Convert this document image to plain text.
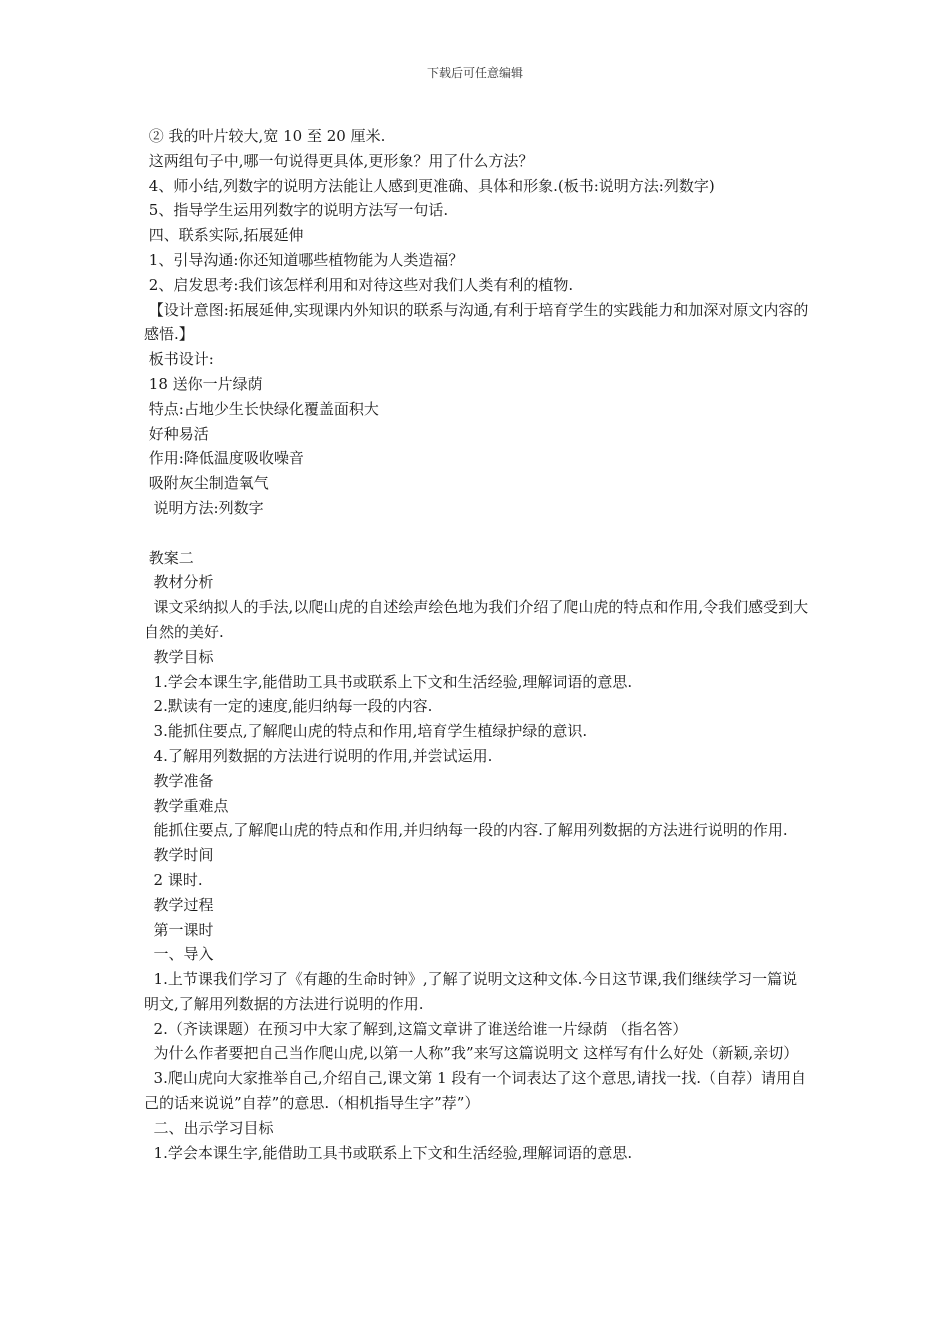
下载后可任意编辑

② 我的叶片较大,宽 10 至 20 厘米.

这两组句子中,哪一句说得更具体,更形象？用了什么方法？

4、师小结,列数字的说明方法能让人感到更准确、具体和形象.(板书:说明方法:列数字)

5、指导学生运用列数字的说明方法写一句话.

四、联系实际,拓展延伸

1、引导沟通:你还知道哪些植物能为人类造福？

2、启发思考:我们该怎样利用和对待这些对我们人类有利的植物.

【设计意图:拓展延伸,实现课内外知识的联系与沟通,有利于培育学生的实践能力和加深对原文内容的感悟.】

板书设计:

18 送你一片绿荫

特点:占地少生长快绿化覆盖面积大

好种易活

作用:降低温度吸收噪音

吸附灰尘制造氧气

说明方法:列数字

教案二

教材分析

课文采纳拟人的手法,以爬山虎的自述绘声绘色地为我们介绍了爬山虎的特点和作用,令我们感受到大自然的美好.

教学目标

1.学会本课生字,能借助工具书或联系上下文和生活经验,理解词语的意思.

2.默读有一定的速度,能归纳每一段的内容.

3.能抓住要点,了解爬山虎的特点和作用,培育学生植绿护绿的意识.

4.了解用列数据的方法进行说明的作用,并尝试运用.

教学准备

教学重难点

能抓住要点,了解爬山虎的特点和作用,并归纳每一段的内容.了解用列数据的方法进行说明的作用.

教学时间

2 课时.

教学过程

第一课时

一、导入

1.上节课我们学习了《有趣的生命时钟》,了解了说明文这种文体.今日这节课,我们继续学习一篇说明文,了解用列数据的方法进行说明的作用.

2.（齐读课题）在预习中大家了解到,这篇文章讲了谁送给谁一片绿荫 （指名答）

为什么作者要把自己当作爬山虎,以第一人称”我”来写这篇说明文 这样写有什么好处（新颖,亲切）

3.爬山虎向大家推举自己,介绍自己,课文第 1 段有一个词表达了这个意思,请找一找.（自荐）请用自己的话来说说”自荐”的意思.（相机指导生字”荐”）

二、出示学习目标

1.学会本课生字,能借助工具书或联系上下文和生活经验,理解词语的意思.
